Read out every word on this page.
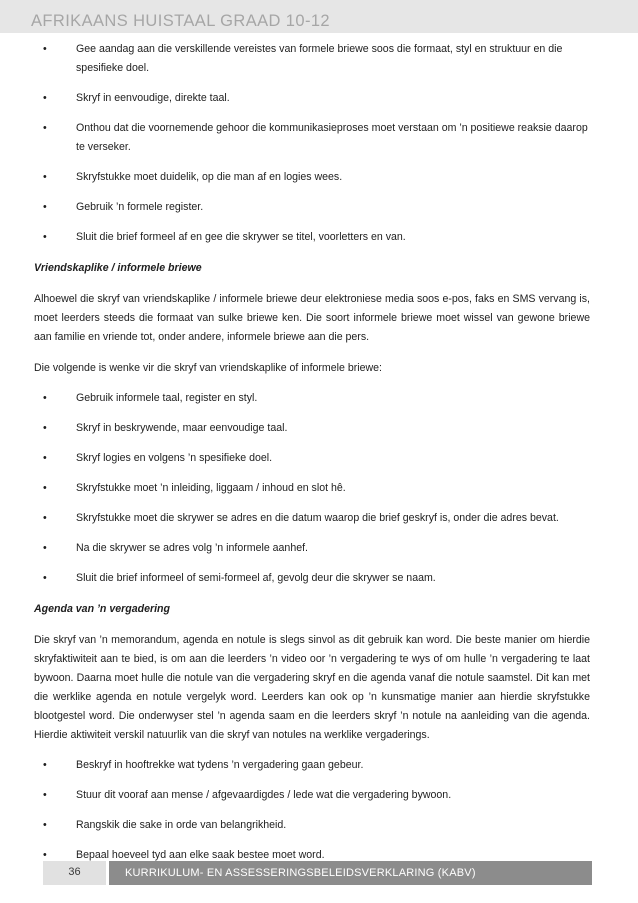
AFRIKAANS HUISTAAL GRAAD 10-12
•	Gee aandag aan die verskillende vereistes van formele briewe soos die formaat, styl en struktuur en die spesifieke doel.
•	Skryf in eenvoudige, direkte taal.
•	Onthou dat die voornemende gehoor die kommunikasieproses moet verstaan om ’n positiewe reaksie daarop te verseker.
•	Skryfstukke moet duidelik, op die man af en logies wees.
•	Gebruik ’n formele register.
•	Sluit die brief formeel af en gee die skrywer se titel, voorletters en van.
Vriendskaplike / informele briewe
Alhoewel die skryf van vriendskaplike / informele briewe deur elektroniese media soos e-pos, faks en SMS vervang is, moet leerders steeds die formaat van sulke briewe ken. Die soort informele briewe moet wissel van gewone briewe aan familie en vriende tot, onder andere, informele briewe aan die pers.
Die volgende is wenke vir die skryf van vriendskaplike of informele briewe:
•	Gebruik informele taal, register en styl.
•	Skryf in beskrywende, maar eenvoudige taal.
•	Skryf logies en volgens ’n spesifieke doel.
•	Skryfstukke moet ’n inleiding, liggaam / inhoud en slot hê.
•	Skryfstukke moet die skrywer se adres en die datum waarop die brief geskryf is, onder die adres bevat.
•	Na die skrywer se adres volg ’n informele aanhef.
•	Sluit die brief informeel of semi-formeel af, gevolg deur die skrywer se naam.
Agenda van ’n vergadering
Die skryf van ’n memorandum, agenda en notule is slegs sinvol as dit gebruik kan word. Die beste manier om hierdie skryfaktiwiteit aan te bied, is om aan die leerders ’n video oor ’n vergadering te wys of om hulle ’n vergadering te laat bywoon. Daarna moet hulle die notule van die vergadering skryf en die agenda vanaf die notule saamstel. Dit kan met die werklike agenda en notule vergelyk word. Leerders kan ook op ’n kunsmatige manier aan hierdie skryfstukke blootgestel word. Die onderwyser stel ’n agenda saam en die leerders skryf ’n notule na aanleiding van die agenda. Hierdie aktiwiteit verskil natuurlik van die skryf van notules na werklike vergaderings.
•	Beskryf in hooftrekke wat tydens ’n vergadering gaan gebeur.
•	Stuur dit vooraf aan mense / afgevaardigdes / lede wat die vergadering bywoon.
•	Rangskik die sake in orde van belangrikheid.
•	Bepaal hoeveel tyd aan elke saak bestee moet word.
36	KURRIKULUM- EN ASSESSERINGSBELEIDSVERKLARING (KABV)
